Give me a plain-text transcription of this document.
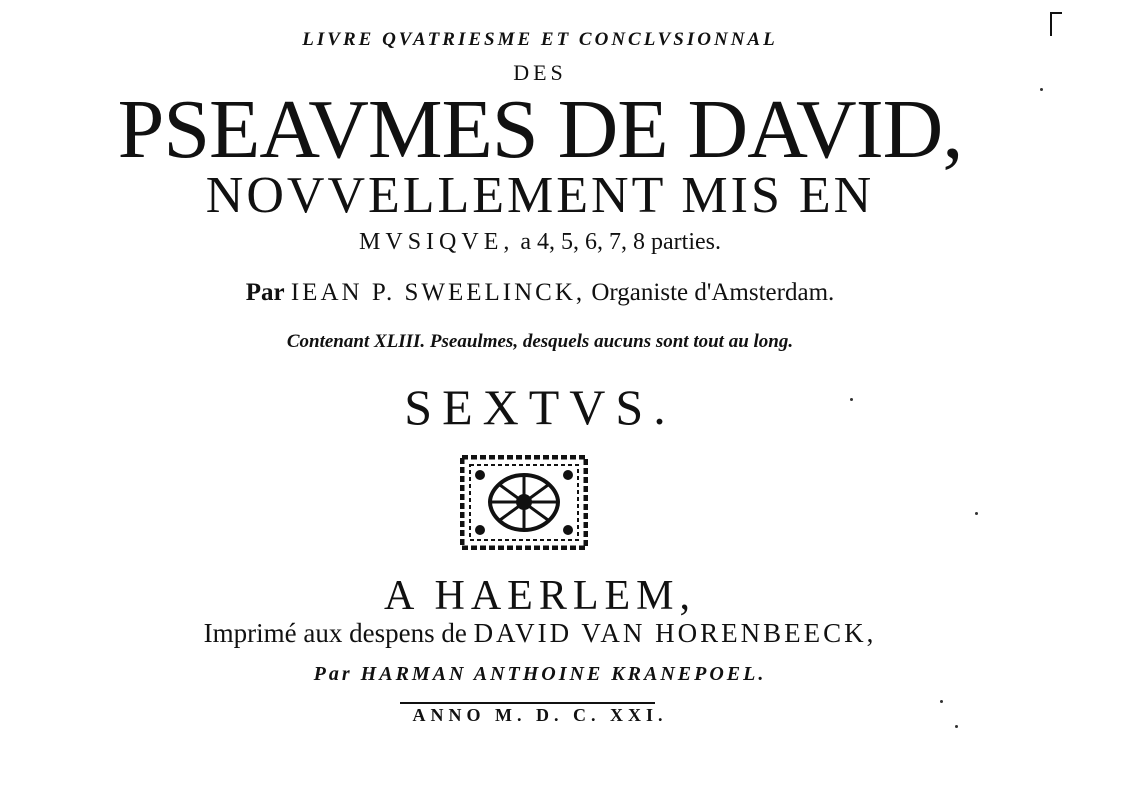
LIVRE QVATRIESME ET CONCLVSIONNAL
DES
PSEAVMES DE DAVID,
NOVVELLEMENT MIS EN
MVSIQVE, a 4, 5, 6, 7, 8 parties.
Par IEAN P. SWEELINCK, Organiste d'Amsterdam.
Contenant XLIII. Pseaulmes, desquels aucuns sont tout au long.
SEXTVS.
A HAERLEM,
Imprimé aux despens de DAVID VAN HORENBEECK,
Par HARMAN ANTHOINE KRANEPOEL.
ANNO M. D. C. XXI.
